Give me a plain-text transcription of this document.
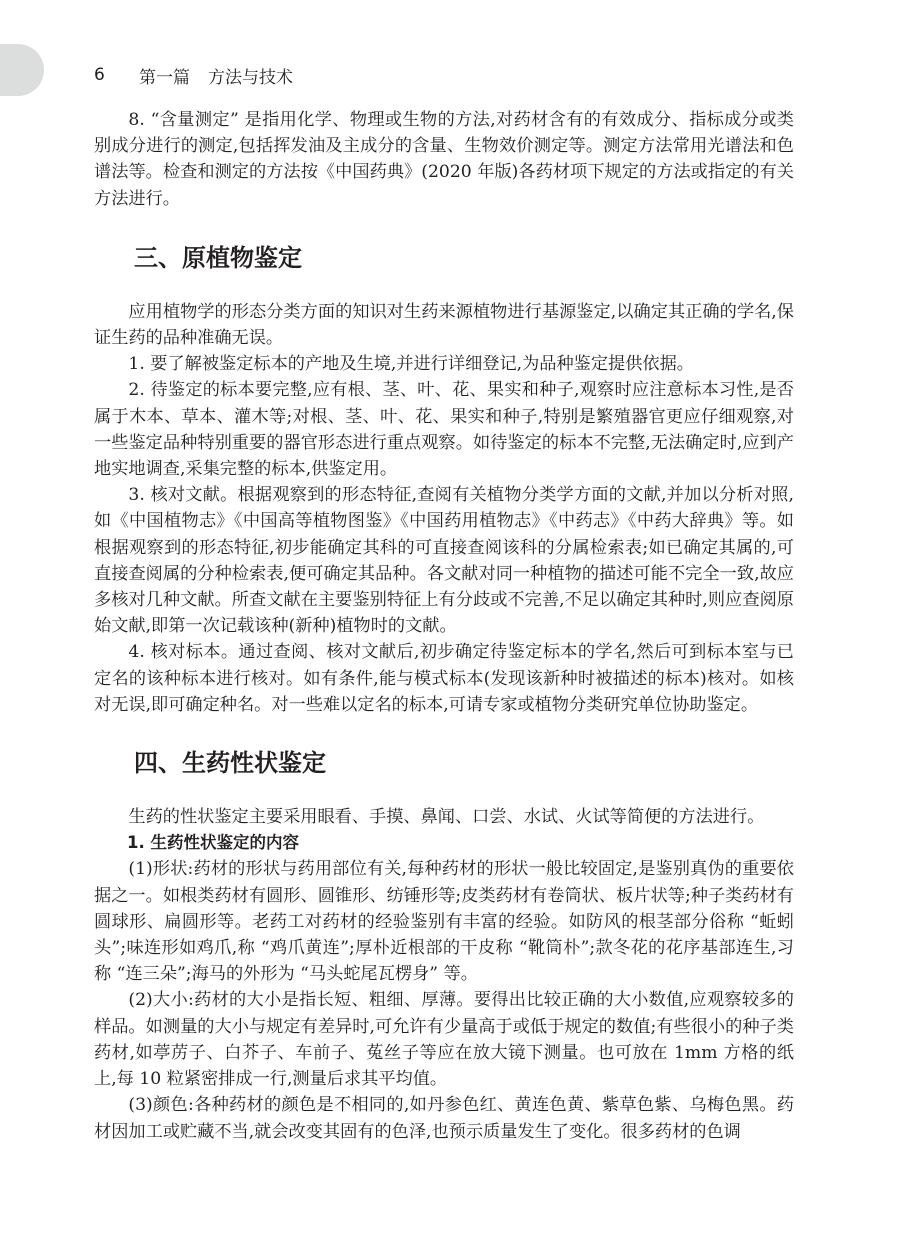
6	第一篇 方法与技术

8. “含量测定” 是指用化学、物理或生物的方法,对药材含有的有效成分、指标成分或类别成分进行的测定,包括挥发油及主成分的含量、生物效价测定等。测定方法常用光谱法和色谱法等。检查和测定的方法按《中国药典》(2020 年版)各药材项下规定的方法或指定的有关方法进行。

三、原植物鉴定

应用植物学的形态分类方面的知识对生药来源植物进行基源鉴定,以确定其正确的学名,保证生药的品种准确无误。

1. 要了解被鉴定标本的产地及生境,并进行详细登记,为品种鉴定提供依据。

2. 待鉴定的标本要完整,应有根、茎、叶、花、果实和种子,观察时应注意标本习性,是否属于木本、草本、灌木等;对根、茎、叶、花、果实和种子,特别是繁殖器官更应仔细观察,对一些鉴定品种特别重要的器官形态进行重点观察。如待鉴定的标本不完整,无法确定时,应到产地实地调查,采集完整的标本,供鉴定用。

3. 核对文献。根据观察到的形态特征,查阅有关植物分类学方面的文献,并加以分析对照,如《中国植物志》《中国高等植物图鉴》《中国药用植物志》《中药志》《中药大辞典》等。如根据观察到的形态特征,初步能确定其科的可直接查阅该科的分属检索表;如已确定其属的,可直接查阅属的分种检索表,便可确定其品种。各文献对同一种植物的描述可能不完全一致,故应多核对几种文献。所查文献在主要鉴别特征上有分歧或不完善,不足以确定其种时,则应查阅原始文献,即第一次记载该种(新种)植物时的文献。

4. 核对标本。通过查阅、核对文献后,初步确定待鉴定标本的学名,然后可到标本室与已定名的该种标本进行核对。如有条件,能与模式标本(发现该新种时被描述的标本)核对。如核对无误,即可确定种名。对一些难以定名的标本,可请专家或植物分类研究单位协助鉴定。

四、生药性状鉴定

生药的性状鉴定主要采用眼看、手摸、鼻闻、口尝、水试、火试等简便的方法进行。

1. 生药性状鉴定的内容

(1)形状:药材的形状与药用部位有关,每种药材的形状一般比较固定,是鉴别真伪的重要依据之一。如根类药材有圆形、圆锥形、纺锤形等;皮类药材有卷筒状、板片状等;种子类药材有圆球形、扁圆形等。老药工对药材的经验鉴别有丰富的经验。如防风的根茎部分俗称 “蚯蚓头”;味连形如鸡爪,称 “鸡爪黄连”;厚朴近根部的干皮称 “靴筒朴”;款冬花的花序基部连生,习称 “连三朵”;海马的外形为 “马头蛇尾瓦楞身” 等。

(2)大小:药材的大小是指长短、粗细、厚薄。要得出比较正确的大小数值,应观察较多的样品。如测量的大小与规定有差异时,可允许有少量高于或低于规定的数值;有些很小的种子类药材,如葶苈子、白芥子、车前子、菟丝子等应在放大镜下测量。也可放在 1mm 方格的纸上,每 10 粒紧密排成一行,测量后求其平均值。

(3)颜色:各种药材的颜色是不相同的,如丹参色红、黄连色黄、紫草色紫、乌梅色黑。药材因加工或贮藏不当,就会改变其固有的色泽,也预示质量发生了变化。很多药材的色调
